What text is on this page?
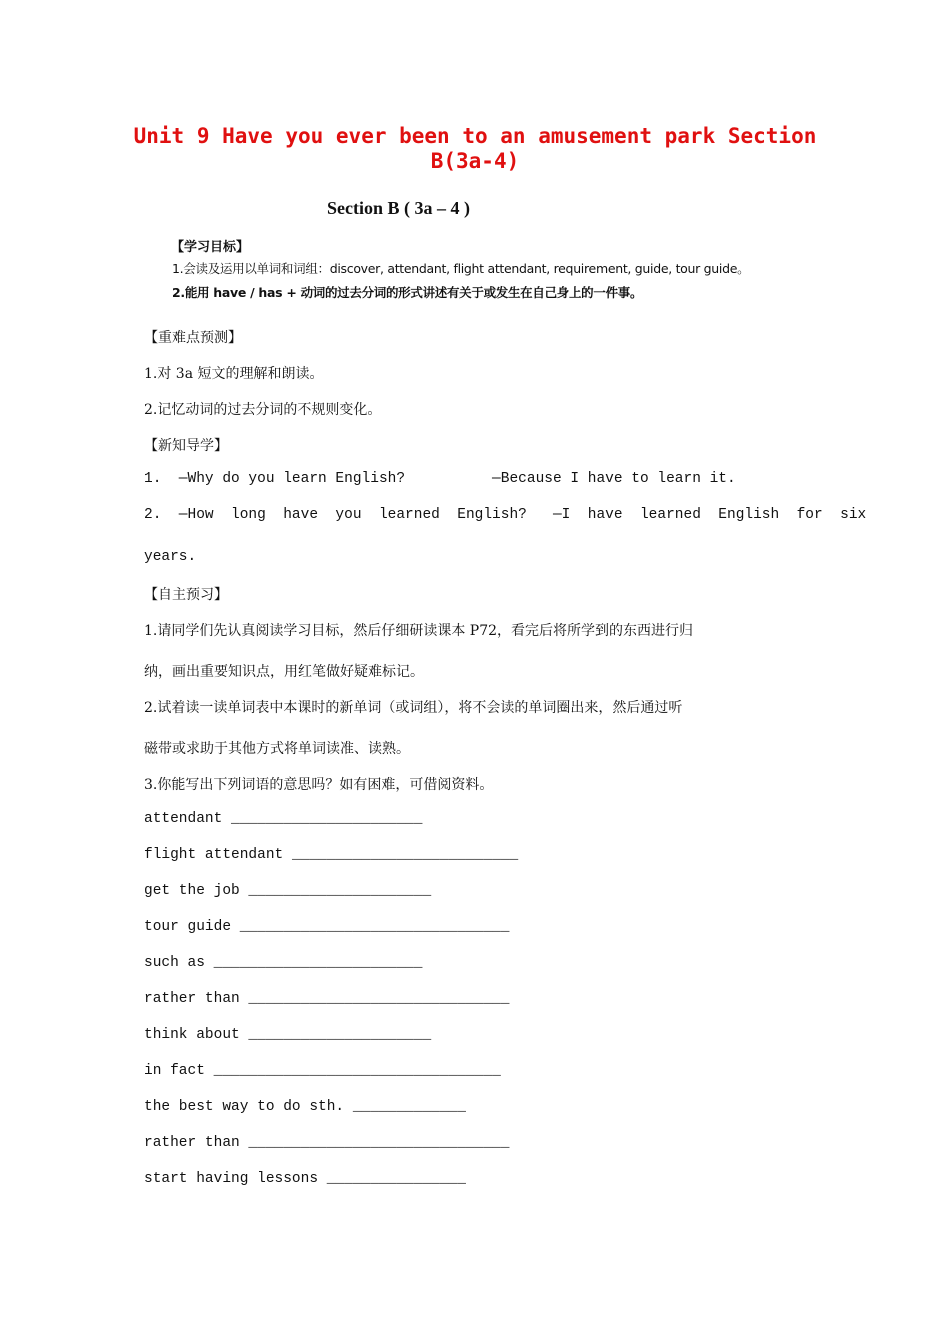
Unit 9 Have you ever been to an amusement park Section
B(3a-4)
Section B ( 3a – 4 )
【学习目标】
1.会读及运用以单词和词组：discover, attendant, flight attendant, requirement, guide, tour guide。
2.能用 have / has + 动词的过去分词的形式讲述有关于或发生在自己身上的一件事。
【重难点预测】
1.对 3a 短文的理解和朗读。
2.记忆动词的过去分词的不规则变化。
【新知导学】
1.  —Why do you learn English?          —Because I have to learn it.
2.  —How  long  have  you  learned  English?   —I  have  learned  English  for  six
years.
【自主预习】
1.请同学们先认真阅读学习目标，然后仔细研读课本 P72，看完后将所学到的东西进行归
纳，画出重要知识点，用红笔做好疑难标记。
2.试着读一读单词表中本课时的新单词（或词组），将不会读的单词圈出来，然后通过听
磁带或求助于其他方式将单词读准、读熟。
3.你能写出下列词语的意思吗？如有困难，可借阅资料。
attendant ______________________
flight attendant __________________________
get the job _____________________
tour guide _______________________________
such as ________________________
rather than ______________________________
think about _____________________
in fact _________________________________
the best way to do sth. _____________
rather than ______________________________
start having lessons ________________
